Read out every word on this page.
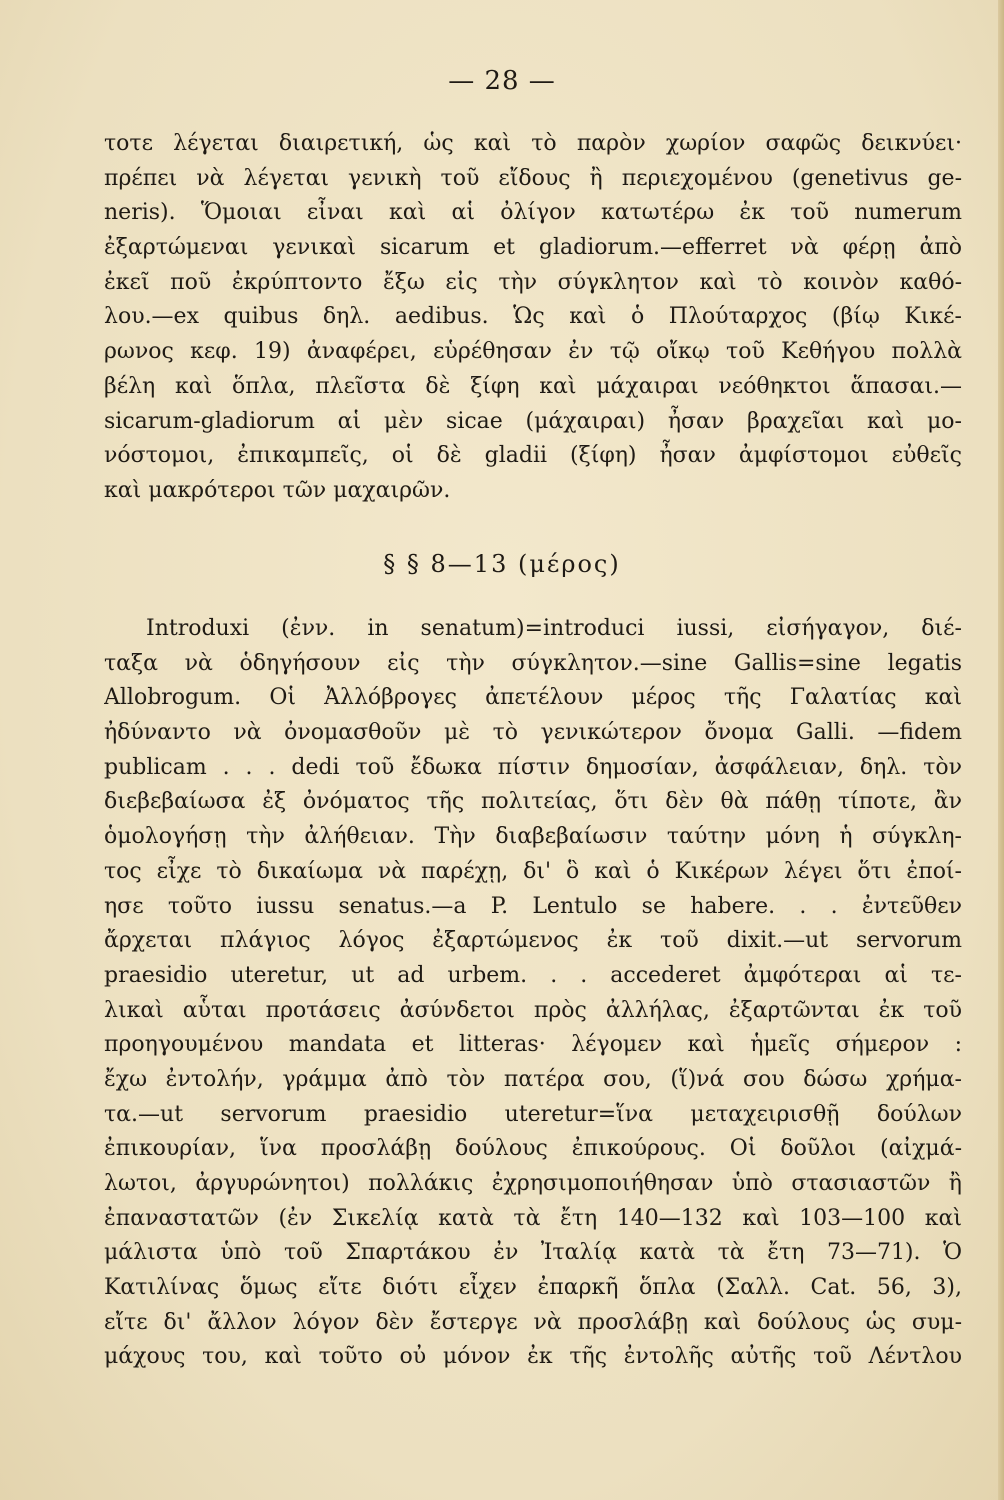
— 28 —
τοτε λέγεται διαιρετική, ὡς καὶ τὸ παρὸν χωρίον σαφῶς δεικνύει·
πρέπει νὰ λέγεται γενικὴ τοῦ εἴδους ἢ περιεχομένου (genetivus ge-
neris). Ὅμοιαι εἶναι καὶ αἱ ὀλίγον κατωτέρω ἐκ τοῦ numerum
ἐξαρτώμεναι γενικαὶ sicarum et gladiorum.—efferret νὰ φέρῃ ἀπὸ
ἐκεῖ ποῦ ἐκρύπτοντο ἔξω εἰς τὴν σύγκλητον καὶ τὸ κοινὸν καθό-
λου.—ex quibus δηλ. aedibus. Ὡς καὶ ὁ Πλούταρχος (βίῳ Κικέ-
ρωνος κεφ. 19) ἀναφέρει, εὑρέθησαν ἐν τῷ οἴκῳ τοῦ Κεθήγου πολλὰ
βέλη καὶ ὅπλα, πλεῖστα δὲ ξίφη καὶ μάχαιραι νεόθηκτοι ἅπασαι.—
sicarum-gladiorum αἱ μὲν sicae (μάχαιραι) ἦσαν βραχεῖαι καὶ μο-
νόστομοι, ἐπικαμπεῖς, οἱ δὲ gladii (ξίφη) ἦσαν ἀμφίστομοι εὐθεῖς
καὶ μακρότεροι τῶν μαχαιρῶν.
§ § 8—13 (μέρος)
Introduxi (ἐνν. in senatum)=introduci iussi, εἰσήγαγον, διέ-
ταξα νὰ ὁδηγήσουν εἰς τὴν σύγκλητον.—sine Gallis=sine legatis
Allobrogum. Οἱ Ἀλλόβρογες ἀπετέλουν μέρος τῆς Γαλατίας καὶ
ἠδύναντο νὰ ὀνομασθοῦν μὲ τὸ γενικώτερον ὄνομα Galli. —fidem
publicam . . . dedi τοῦ ἔδωκα πίστιν δημοσίαν, ἀσφάλειαν, δηλ. τὸν
διεβεβαίωσα ἐξ ὀνόματος τῆς πολιτείας, ὅτι δὲν θὰ πάθῃ τίποτε, ἂν
ὁμολογήσῃ τὴν ἀλήθειαν. Τὴν διαβεβαίωσιν ταύτην μόνη ἡ σύγκλη-
τος εἶχε τὸ δικαίωμα νὰ παρέχῃ, δι' ὃ καὶ ὁ Κικέρων λέγει ὅτι ἐποί-
ησε τοῦτο iussu senatus.—a P. Lentulo se habere. . . ἐντεῦθεν
ἄρχεται πλάγιος λόγος ἐξαρτώμενος ἐκ τοῦ dixit.—ut servorum
praesidio uteretur, ut ad urbem. . . accederet ἀμφότεραι αἱ τε-
λικαὶ αὗται προτάσεις ἀσύνδετοι πρὸς ἀλλήλας, ἐξαρτῶνται ἐκ τοῦ
προηγουμένου mandata et litteras· λέγομεν καὶ ἡμεῖς σήμερον :
ἔχω ἐντολήν, γράμμα ἀπὸ τὸν πατέρα σου, (ἵ)νά σου δώσω χρήμα-
τα.—ut servorum praesidio uteretur=ἵνα μεταχειρισθῇ δούλων
ἐπικουρίαν, ἵνα προσλάβῃ δούλους ἐπικούρους. Οἱ δοῦλοι (αἰχμά-
λωτοι, ἀργυρώνητοι) πολλάκις ἐχρησιμοποιήθησαν ὑπὸ στασιαστῶν ἢ
ἐπαναστατῶν (ἐν Σικελίᾳ κατὰ τὰ ἔτη 140—132 καὶ 103—100 καὶ
μάλιστα ὑπὸ τοῦ Σπαρτάκου ἐν Ἰταλίᾳ κατὰ τὰ ἔτη 73—71). Ὁ
Κατιλίνας ὅμως εἴτε διότι εἶχεν ἐπαρκῆ ὅπλα (Σαλλ. Cat. 56, 3),
εἴτε δι' ἄλλον λόγον δὲν ἔστεργε νὰ προσλάβῃ καὶ δούλους ὡς συμ-
μάχους του, καὶ τοῦτο οὐ μόνον ἐκ τῆς ἐντολῆς αὐτῆς τοῦ Λέντλου
